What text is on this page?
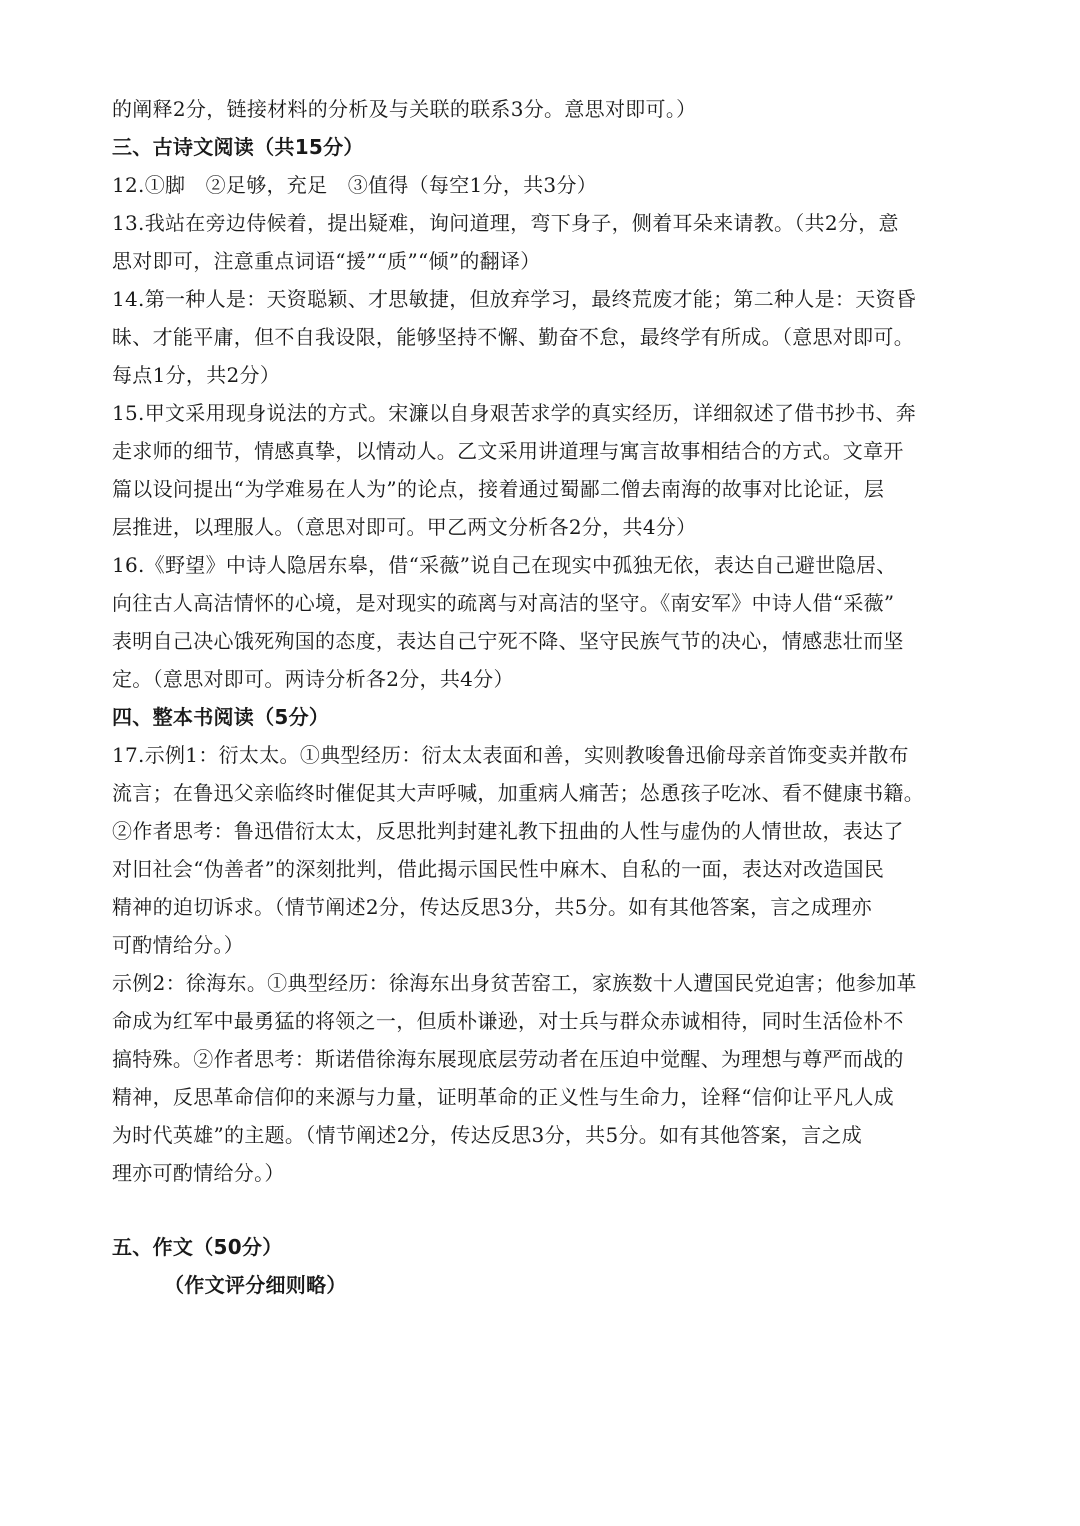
的阐释2分，链接材料的分析及与关联的联系3分。意思对即可。）
三、古诗文阅读（共15分）
12.①脚　②足够，充足　③值得（每空1分，共3分）
13.我站在旁边侍候着，提出疑难，询问道理，弯下身子，侧着耳朵来请教。（共2分，意
思对即可，注意重点词语“援”“质”“倾”的翻译）
14.第一种人是：天资聪颖、才思敏捷，但放弃学习，最终荒废才能；第二种人是：天资昏
昧、才能平庸，但不自我设限，能够坚持不懈、勤奋不怠，最终学有所成。（意思对即可。
每点1分，共2分）
15.甲文采用现身说法的方式。宋濂以自身艰苦求学的真实经历，详细叙述了借书抄书、奔
走求师的细节，情感真挚，以情动人。乙文采用讲道理与寓言故事相结合的方式。文章开
篇以设问提出“为学难易在人为”的论点，接着通过蜀鄙二僧去南海的故事对比论证，层
层推进，以理服人。（意思对即可。甲乙两文分析各2分，共4分）
16.《野望》中诗人隐居东皋，借“采薇”说自己在现实中孤独无依，表达自己避世隐居、
向往古人高洁情怀的心境，是对现实的疏离与对高洁的坚守。《南安军》中诗人借“采薇”
表明自己决心饿死殉国的态度，表达自己宁死不降、坚守民族气节的决心，情感悲壮而坚
定。（意思对即可。两诗分析各2分，共4分）
四、整本书阅读（5分）
17.示例1：衍太太。①典型经历：衍太太表面和善，实则教唆鲁迅偷母亲首饰变卖并散布
流言；在鲁迅父亲临终时催促其大声呼喊，加重病人痛苦；怂恿孩子吃冰、看不健康书籍。
②作者思考：鲁迅借衍太太，反思批判封建礼教下扭曲的人性与虚伪的人情世故，表达了
对旧社会“伪善者”的深刻批判，借此揭示国民性中麻木、自私的一面，表达对改造国民
精神的迫切诉求。（情节阐述2分，传达反思3分，共5分。如有其他答案，言之成理亦
可酌情给分。）
示例2：徐海东。①典型经历：徐海东出身贫苦窑工，家族数十人遭国民党迫害；他参加革
命成为红军中最勇猛的将领之一，但质朴谦逊，对士兵与群众赤诚相待，同时生活俭朴不
搞特殊。②作者思考：斯诺借徐海东展现底层劳动者在压迫中觉醒、为理想与尊严而战的
精神，反思革命信仰的来源与力量，证明革命的正义性与生命力，诠释“信仰让平凡人成
为时代英雄”的主题。（情节阐述2分，传达反思3分，共5分。如有其他答案，言之成
理亦可酌情给分。）
五、作文（50分）
（作文评分细则略）
